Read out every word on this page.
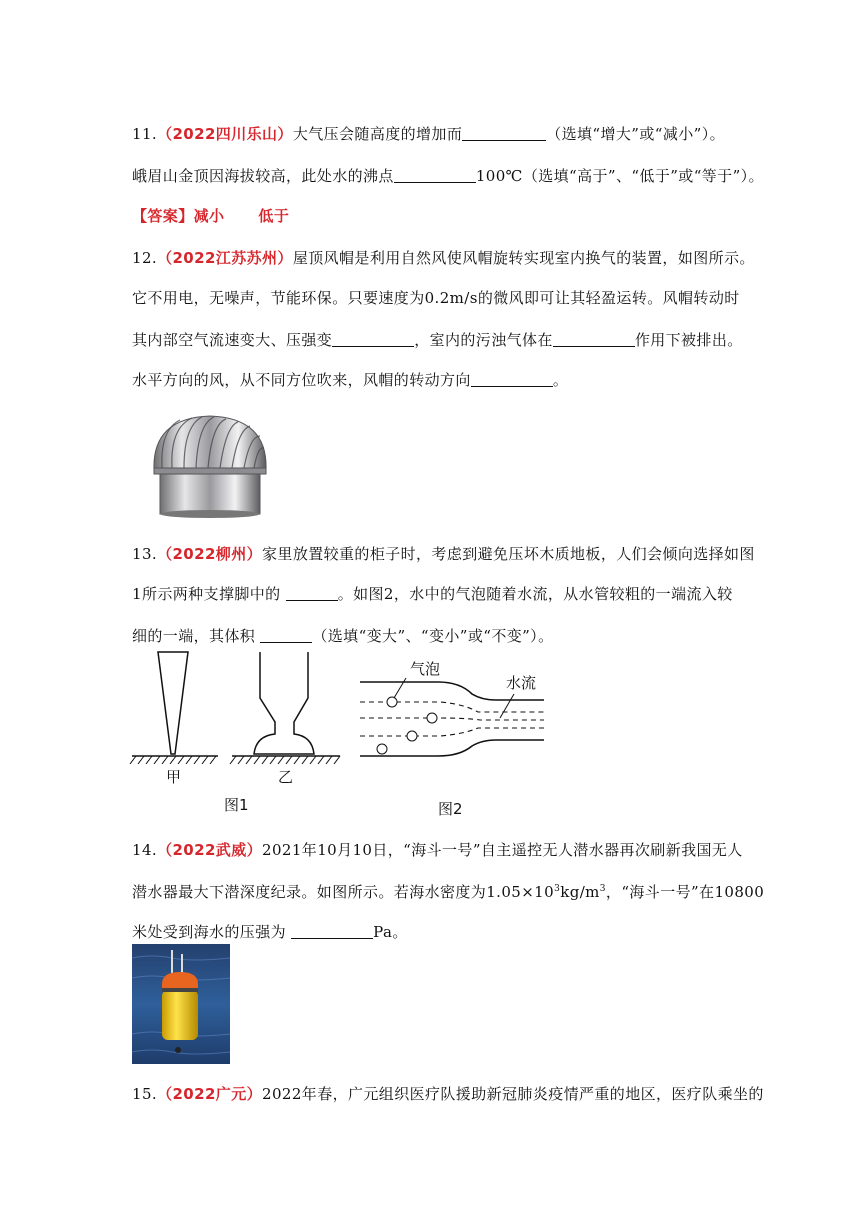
11.（2022四川乐山）大气压会随高度的增加而	（选填“增大”或“减小”）。
峨眉山金顶因海拔较高，此处水的沸点	100℃（选填“高于”、“低于”或“等于”）。
【答案】减小 低于
12.（2022江苏苏州）屋顶风帽是利用自然风使风帽旋转实现室内换气的装置，如图所示。
它不用电，无噪声，节能环保。只要速度为0.2m/s的微风即可让其轻盈运转。风帽转动时
其内部空气流速变大、压强变	，室内的污浊气体在	作用下被排出。
水平方向的风，从不同方位吹来，风帽的转动方向	。
13.（2022柳州）家里放置较重的柜子时，考虑到避免压坏木质地板，人们会倾向选择如图
1所示两种支撑脚中的	。如图2，水中的气泡随着水流，从水管较粗的一端流入较
细的一端，其体积	（选填“变大”、“变小”或“不变”）。
甲	乙
图1
气泡
水流
图2
14.（2022武威）2021年10月10日，“海斗一号”自主遥控无人潜水器再次刷新我国无人
潜水器最大下潜深度纪录。如图所示。若海水密度为$1.05\times 10^3kg/m^3$，“海斗一号”在10800
米处受到海水的压强为	Pa。
15.（2022广元）2022年春，广元组织医疗队援助新冠肺炎疫情严重的地区，医疗队乘坐的
